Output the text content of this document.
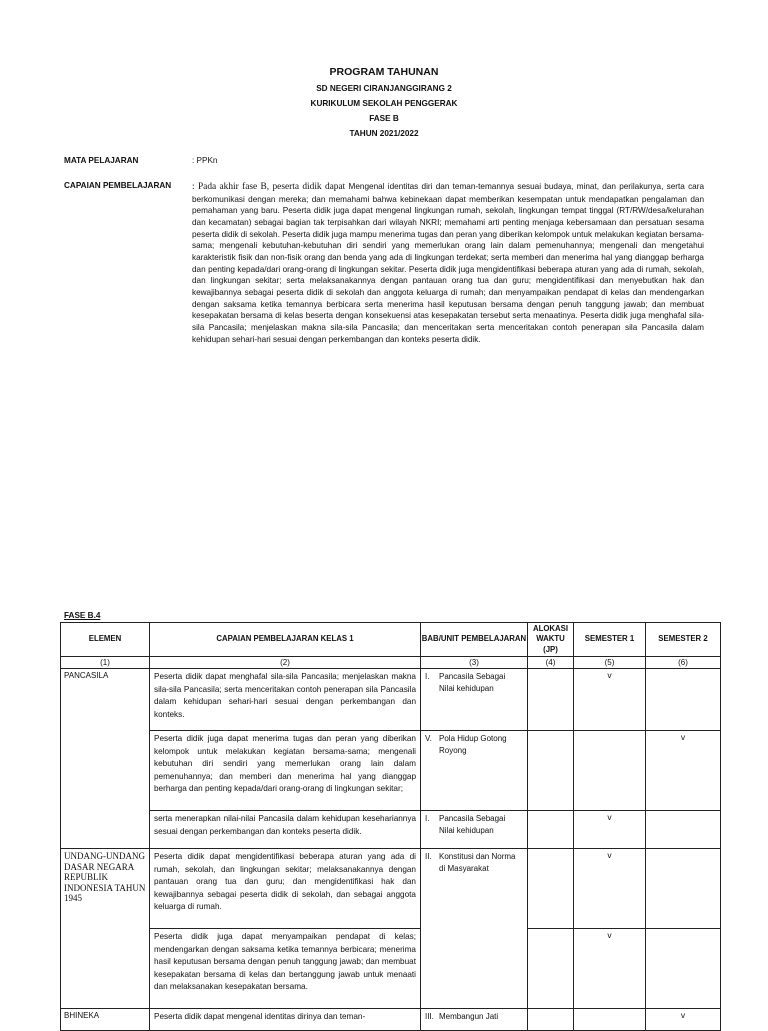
PROGRAM TAHUNAN
SD NEGERI CIRANJANGGIRANG 2
KURIKULUM SEKOLAH PENGGERAK
FASE B
TAHUN 2021/2022
MATA PELAJARAN	: PPKn
CAPAIAN PEMBELAJARAN : Pada akhir fase B, peserta didik dapat Mengenal identitas diri dan teman-temannya sesuai budaya, minat, dan perilakunya, serta cara berkomunikasi dengan mereka; dan memahami bahwa kebinekaan dapat memberikan kesempatan untuk mendapatkan pengalaman dan pemahaman yang baru. Peserta didik juga dapat mengenal lingkungan rumah, sekolah, lingkungan tempat tinggal (RT/RW/desa/kelurahan dan kecamatan) sebagai bagian tak terpisahkan dari wilayah NKRI; memahami arti penting menjaga kebersamaan dan persatuan sesama peserta didik di sekolah. Peserta didik juga mampu menerima tugas dan peran yang diberikan kelompok untuk melakukan kegiatan bersama-sama; mengenali kebutuhan-kebutuhan diri sendiri yang memerlukan orang lain dalam pemenuhannya; mengenali dan mengetahui karakteristik fisik dan non-fisik orang dan benda yang ada di lingkungan terdekat; serta memberi dan menerima hal yang dianggap berharga dan penting kepada/dari orang-orang di lingkungan sekitar. Peserta didik juga mengidentifikasi beberapa aturan yang ada di rumah, sekolah, dan lingkungan sekitar; serta melaksanakannya dengan pantauan orang tua dan guru; mengidentifikasi dan menyebutkan hak dan kewajibannya sebagai peserta didik di sekolah dan anggota keluarga di rumah; dan menyampaikan pendapat di kelas dan mendengarkan dengan saksama ketika temannya berbicara serta menerima hasil keputusan bersama dengan penuh tanggung jawab; dan membuat kesepakatan bersama di kelas beserta dengan konsekuensi atas kesepakatan tersebut serta menaatinya. Peserta didik juga menghafal sila-sila Pancasila; menjelaskan makna sila-sila Pancasila; dan menceritakan serta menceritakan contoh penerapan sila Pancasila dalam kehidupan sehari-hari sesuai dengan perkembangan dan konteks peserta didik.
FASE B.4
ELEMEN	CAPAIAN PEMBELAJARAN KELAS 1	BAB/UNIT PEMBELAJARAN	ALOKASI WAKTU (JP)	SEMESTER 1	SEMESTER 2
(1)	(2)	(3)	(4)	(5)	(6)
PANCASILA	Peserta didik dapat menghafal sila-sila Pancasila; menjelaskan makna sila-sila Pancasila; serta menceritakan contoh penerapan sila Pancasila dalam kehidupan sehari-hari sesuai dengan perkembangan dan konteks.	I. Pancasila Sebagai Nilai kehidupan		v	
	Peserta didik juga dapat menerima tugas dan peran yang diberikan kelompok untuk melakukan kegiatan bersama-sama; mengenali kebutuhan diri sendiri yang memerlukan orang lain dalam pemenuhannya; dan memberi dan menerima hal yang dianggap berharga dan penting kepada/dari orang-orang di lingkungan sekitar;	V. Pola Hidup Gotong Royong			v
	serta menerapkan nilai-nilai Pancasila dalam kehidupan kesehariannya sesuai dengan perkembangan dan konteks peserta didik.	I. Pancasila Sebagai Nilai kehidupan		v	
UNDANG-UNDANG DASAR NEGARA REPUBLIK INDONESIA TAHUN 1945	Peserta didik dapat mengidentifikasi beberapa aturan yang ada di rumah, sekolah, dan lingkungan sekitar; melaksanakannya dengan pantauan orang tua dan guru; dan mengidentifikasi hak dan kewajibannya sebagai peserta didik di sekolah, dan sebagai anggota keluarga di rumah.	II. Konstitusi dan Norma di Masyarakat		v	
	Peserta didik juga dapat menyampaikan pendapat di kelas; mendengarkan dengan saksama ketika temannya berbicara; menerima hasil keputusan bersama dengan penuh tanggung jawab; dan membuat kesepakatan bersama di kelas dan bertanggung jawab untuk menaati dan melaksanakan kesepakatan bersama.			v	
BHINEKA	Peserta didik dapat mengenal identitas dirinya dan teman-	III. Membangun Jati			v
